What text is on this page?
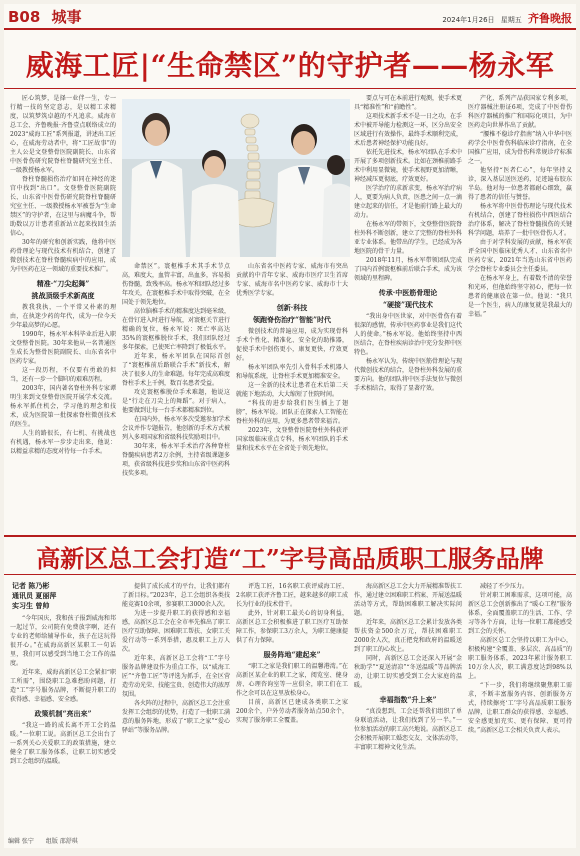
B08 城事	2024年1月26日 星期五 齐鲁晚报
威海工匠|“生命禁区”的守护者——杨永军

匠心筑梦，是择一业伴一生，专一行精一技的坚定意志，是以精工求精度，以筑梦筑卓越的不凡追求。威海市总工会、齐鲁晚报·齐鲁壹点联络成立的2023“威海工匠”系列报道，讲述出工匠心，在威海劳动者中，将“工匠故事”的主人公是文登整骨医院副院长、山东省中医骨伤研究院脊柱脊髓研究室主任、一级教授杨永军。

脊柱脊髓损伤治疗如同在神经的迷宫中找到“出口”。文登整骨医院副院长、山东省中医骨伤研究院脊柱脊髓研究室主任、一级教授杨永军被誉为“生命禁区”的守护者，在这里与病魔斗争，帮助数以万计患者重新站立起来找回生活信心。

30年的研究和创新实践，他将中医药骨理论与现代技术有机结合，创建了微创技术在脊柱脊髓疾病中的应用，成为中医药在这一领域的重要技术推广。

精准·“刀尖起舞”

挑战顶级手术新高度

教我我执，一个平常又朴素的理由，在执迷少药的年代，成为一位今天少年最高梦的心愿。

1990年，杨永军本科毕业后进入职文登整骨医院。30年来他从一名普通医生成长为整骨医院副院长、山东省名中医药专家。

这一段历程，不仅要有勇敢的担当，还有一步一个脚印的艰难历程。

2003年，国内著名脊柱外科专家谭明生来到文登整骨医院开展学术交流。杨永军抓住机会，学习他的理念和技术，成为医院第一批探索脊柱微创技术的医生。

人生的路很长，有七机、有挑战也有机遇，杨永军一步步走出来，他说：以精益求精的态度对待每一台手术。

命禁区”。寰枢椎手术其手术节点高，难度大，血管丰富，出血多，容易损伤脊髓，致残率高。杨永军和团队经过多年攻关，在寰枢椎手术中取得突破，在全国处于领先地位。

高位脑椎手术的精准度达到毫米级，在骨钉进入时进行导航，对寰枢关节进行精确的复位，杨永军说：死亡率高达35%的寰枢椎脱位手术，我们团队经过多年探索，已使死亡率降到了极低水平。

近年来，杨永军团队在国际首创了“寰枢椎前后路联合手术”新技术，解决了很多人的生命难题。每年完成高难度脊柱手术上千例，数百名患者受益。

攻克寰枢椎脱位手术难题，他说这是“行走在刀尖上的舞蹈”。对于病人，他要做到让每一台手术都精准到位。

在国内外，杨永军多次受邀参加学术会议并作专题报告，他创新的手术方式被列入多项国家和省级科技奖励项目中。

30年来，杨永军手术治疗各种脊柱脊髓疾病患者2万余例，主持省级课题多项，获省级科技进步奖和山东省中医药科技奖多项。

山东省名中医药专家、威海市有突出贡献的中青年专家、威海市医疗卫生首席专家、威海市名中医药专家、威海市十大优秀医学专家。

创新·科技

领跑脊伤治疗“智能”时代

微创技术的普遍应用，成为实现骨科手术个性化、精准化、安全化的助推器，促使手术中创伤更小，康复更快，疗效更好。

杨永军团队率先引入骨科手术机器人和导航系统，让脊柱手术更加精准安全。

这一全新的技术让患者在术后第二天就能下地活动，大大缩短了住院时间。

“科技的进步给我们医生插上了翅膀”，杨永军说。团队正在探索人工智能在脊柱外科的应用，为更多患者带来福音。

2023年，文登整骨医院脊柱外科获评国家级临床重点专科，杨永军团队的手术量和技术水平在全省处于领先地位。

要点与可在本前进行观测，使手术更具“精准性”和“前瞻性”。

这项技术新手术不是一日之功，在手术中被开导能力检测这一环，区分出安全区域进行有效操作，最终手术顺利完成，术后患者神经保护功能良好。

依托先进技术，杨永军团队在手术中开展了多项创新技术。比如在颈椎前路手术中利用显微镜，使手术视野更加清晰，神经减压更彻底，疗效更好。

医学治疗的求新求变，杨永军治疗病人，更要为病人负责，医患之间一点一滴建立起来的信任，才是他前行路上最大的动力。

在杨永军的带领下，文登整骨医院脊柱外科不断创新，建立了完整的脊柱外科亚专业体系。他带出的学生，已经成为各地医院的骨干力量。

2018年11月，杨永军带领团队完成了国内首例寰枢椎前后联合手术，成为该领域的里程碑。

传承·中医筋骨理论

“硬接”现代技术

“我出身中医世家，对中医骨伤有着很深的感情，传承中医药事业是我们这代人的使命。”杨永军说。他始终坚持中西医结合，在脊柱疾病诊治中充分发挥中医特色。

杨永军认为，传统中医筋骨理论与现代微创技术的结合，是脊柱外科发展的重要方向。他的团队将中医手法复位与微创手术相结合，取得了显著疗效。

产化，系列产品获国家专利多项，医疗器械注册证6项，完成了中医骨伤科医疗器械的推广和国际化项目，为中医药走向世界作出了贡献。

“腰椎不稳诊疗指南”纳入中华中医药学会中医骨伤科临床诊疗指南，在全国推广应用，成为骨伤科常规诊疗标准之一。

他坚持“医者仁心”，每年坚持义诊，深入基层送医送药，足迹遍布胶东半岛。他对每一位患者都耐心细致，赢得了患者的信任与赞誉。

杨永军将中医骨伤理论与现代技术有机结合，创建了脊柱损伤中西医结合治疗体系，解决了脊柱脊髓损伤的关键科学问题，培养了一批中医骨伤人才。

由于对学科发展的贡献，杨永军获评全国中医临床优秀人才、山东省名中医药专家，2021年当选山东省中医药学会脊柱专业委员会主任委员。

在杨永军身上，有着数不清的荣誉和光环，但他始终坚守初心，把每一位患者的健康放在第一位。他说：“我只是一个医生，病人的康复就是我最大的幸福。”

高新区总工会打造“工”字号高品质职工服务品牌
记者 陈乃彬
通讯员 夏丽萍
实习生 曾帅

“今年国庆，我和孩子报到威海和邦一起过节，公司院有免费放字啊，还有专业的老师给辅导作业，孩子在这玩得很开心。”在威海高新区某职工一句话里，我们可以感受到当地工会工作的温度。

近年来，威海高新区总工会紧扣“职工所需”，围绕职工急难愁盼问题，打造“工”字号服务品牌，不断提升职工的获得感、幸福感、安全感。

政策机制“亮出来”

“我这一路的成长离不开工会的温暖。”一位职工说。高新区总工会出台了一系列关心关爱职工的政策措施，建立健全了职工服务体系，让职工切实感受到工会组织的温暖。

提供了成长成才的平台，让我们都有了新目标。”2023年，总工会组织各类技能竞赛10余项，参赛职工3000余人次。

为进一步提升职工的获得感和幸福感，高新区总工会在全市率先推出了职工医疗互助保障、困难职工帮扶、女职工关爱行动等一系列举措，惠及职工上万人次。

近年来，高新区总工会将“工”字号服务品牌建设作为重点工作，以“威海工匠”“齐鲁工匠”等评选为抓手，在全区营造劳动光荣、技能宝贵、创造伟大的浓厚氛围。

各火阵的过程中，高新区总工会注重发挥工会组织的优势，打造了一批职工满意的服务阵地，形成了“职工之家”“爱心驿站”等服务品牌。

评选工匠，16名职工获评威海工匠、2名职工获评齐鲁工匠，越来越多的职工成长为行业的技术骨干。

此外，针对职工最关心的切身利益，高新区总工会积极推进了职工医疗互助保障工作，参保职工3万余人，为职工健康提供了有力保障。

服务阵地“建起来”

“职工之家是我们职工的温馨港湾。”在高新区某企业的职工之家，阅览室、健身房、心理咨询室等一应俱全，职工们在工作之余可以在这里放松身心。

目前，高新区已建成各类职工之家200余个，户外劳动者服务站点50余个，实现了服务职工全覆盖。

海高新区总工会大力开展精准帮扶工作，通过建立困难职工档案、开展送温暖活动等方式，帮助困难职工解决实际问题。

近年来，高新区总工会累计发放各类帮扶资金500余万元，帮扶困难职工2000余人次，真正把党和政府的温暖送到了职工的心坎上。

同时，高新区总工会还深入开展“金秋助学”“夏送清凉”“冬送温暖”等品牌活动，让职工切实感受到工会大家庭的温暖。

幸福指数“升上来”

“真没想到，工会还帮我们组织了单身联谊活动，让我们找到了另一半。”一位参加活动的职工高兴地说。高新区总工会积极开展职工婚恋交友、文体活动等，丰富职工精神文化生活。

减轻了不少压力。

针对职工困难需求，这项可能，高新区总工会创新推出了“暖心工程”服务体系，全面覆盖职工的生活、工作、学习等各个方面，让每一位职工都能感受到工会的关怀。

高新区总工会坚持以职工为中心，积极构建“全覆盖、多层次、高品质”的职工服务体系，2023年累计服务职工10万余人次，职工满意度达到98%以上。

“下一步，我们将继续聚焦职工需求，不断丰富服务内容、创新服务方式，持续擦亮‘工’字号高品质职工服务品牌，让职工群众的获得感、幸福感、安全感更加充实、更有保障、更可持续。”高新区总工会相关负责人表示。

编辑 张宁 组版 邵舒琪
